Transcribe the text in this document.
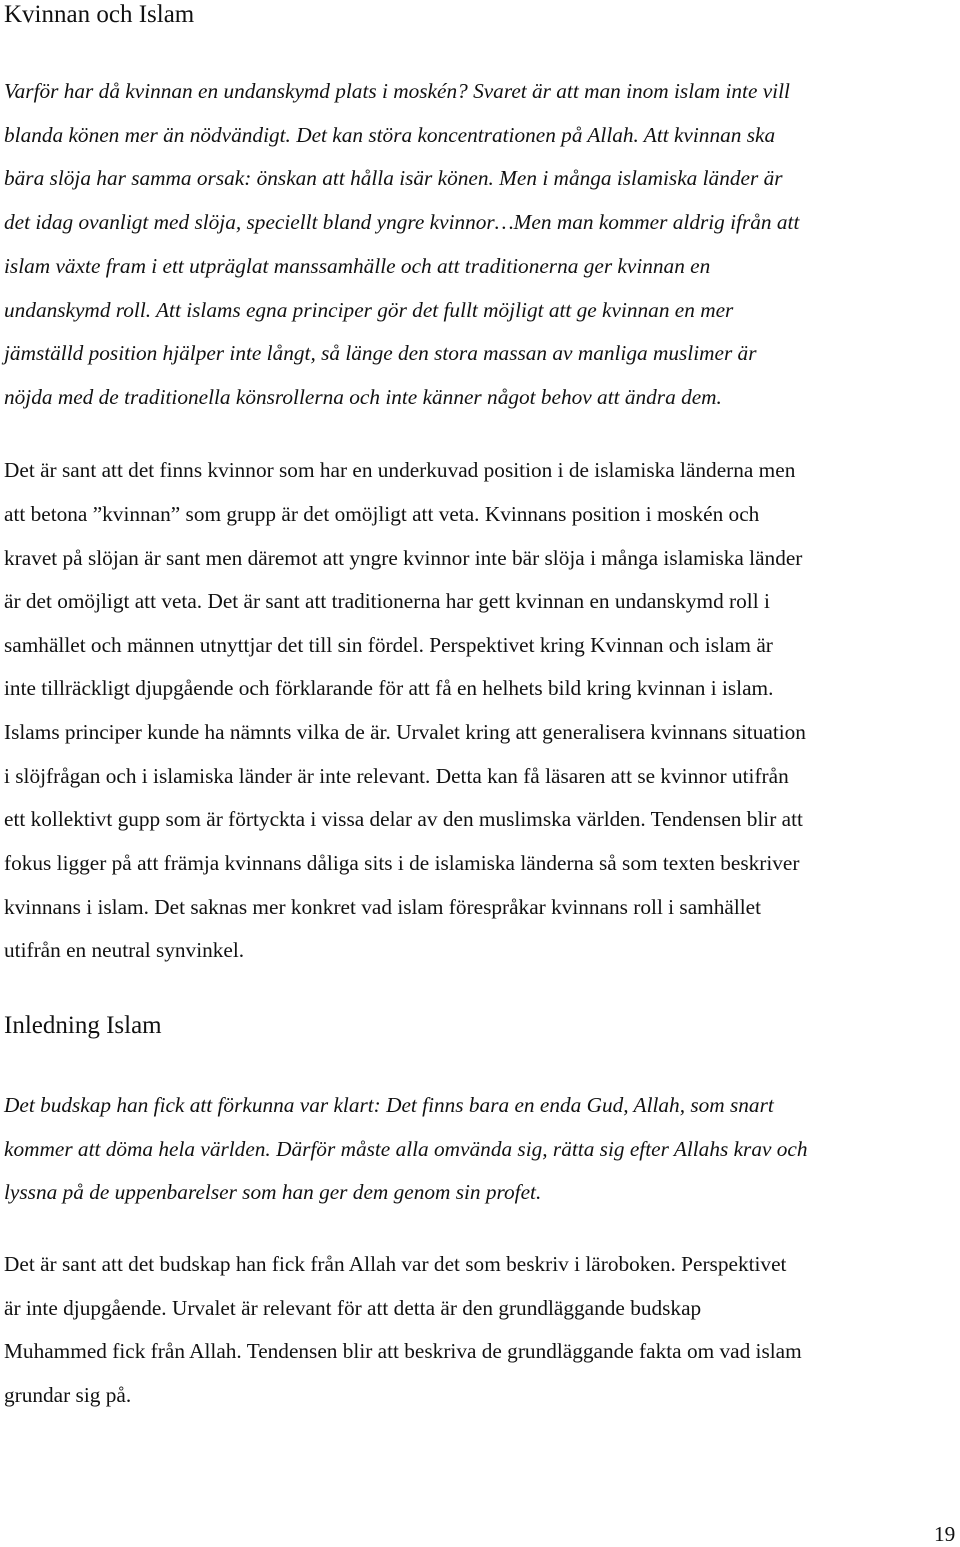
Kvinnan och Islam

Varför har då kvinnan en undanskymd plats i moskén? Svaret är att man inom islam inte vill

blanda könen mer än nödvändigt. Det kan störa koncentrationen på Allah. Att kvinnan ska

bära slöja har samma orsak: önskan att hålla isär könen. Men i många islamiska länder är

det idag ovanligt med slöja, speciellt bland yngre kvinnor…Men man kommer aldrig ifrån att

islam växte fram i ett utpräglat manssamhälle och att traditionerna ger kvinnan en

undanskymd roll. Att islams egna principer gör det fullt möjligt att ge kvinnan en mer

jämställd position hjälper inte långt, så länge den stora massan av manliga muslimer är

nöjda med de traditionella könsrollerna och inte känner något behov att ändra dem.

Det är sant att det finns kvinnor som har en underkuvad position i de islamiska länderna men

att betona ”kvinnan” som grupp är det omöjligt att veta. Kvinnans position i moskén och

kravet på slöjan är sant men däremot att yngre kvinnor inte bär slöja i många islamiska länder

är det omöjligt att veta. Det är sant att traditionerna har gett kvinnan en undanskymd roll i

samhället och männen utnyttjar det till sin fördel. Perspektivet kring Kvinnan och islam är

inte tillräckligt djupgående och förklarande för att få en helhets bild kring kvinnan i islam.

Islams principer kunde ha nämnts vilka de är. Urvalet kring att generalisera kvinnans situation

i slöjfrågan och i islamiska länder är inte relevant. Detta kan få läsaren att se kvinnor utifrån

ett kollektivt gupp som är förtyckta i vissa delar av den muslimska världen. Tendensen blir att

fokus ligger på att främja kvinnans dåliga sits i de islamiska länderna så som texten beskriver

kvinnans i islam. Det saknas mer konkret vad islam förespråkar kvinnans roll i samhället

utifrån en neutral synvinkel.

Inledning Islam

Det budskap han fick att förkunna var klart: Det finns bara en enda Gud, Allah, som snart

kommer att döma hela världen. Därför måste alla omvända sig, rätta sig efter Allahs krav och

lyssna på de uppenbarelser som han ger dem genom sin profet.

Det är sant att det budskap han fick från Allah var det som beskriv i läroboken. Perspektivet

är inte djupgående. Urvalet är relevant för att detta är den grundläggande budskap

Muhammed fick från Allah. Tendensen blir att beskriva de grundläggande fakta om vad islam

grundar sig på.

19
